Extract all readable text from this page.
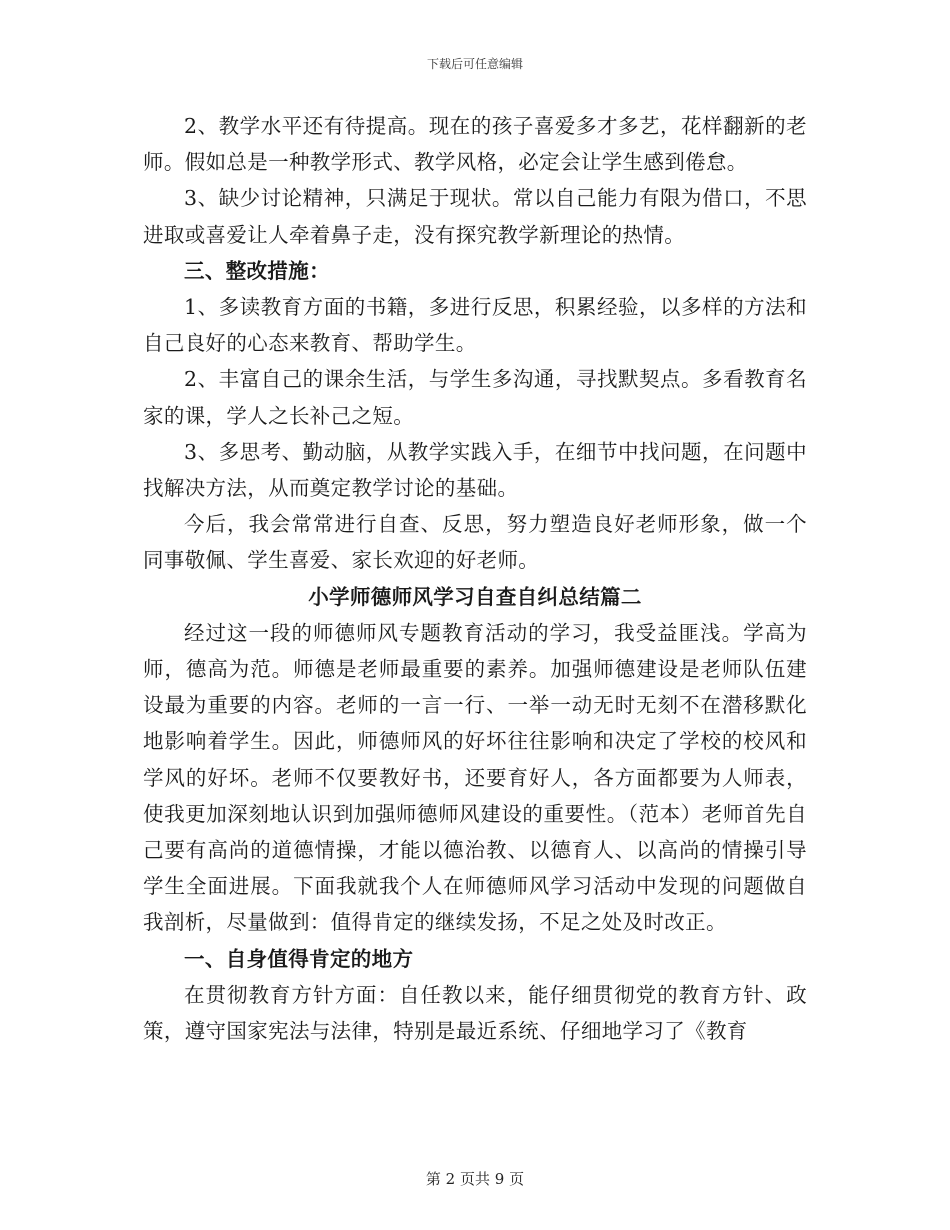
下载后可任意编辑

2、教学水平还有待提高。现在的孩子喜爱多才多艺，花样翻新的老师。假如总是一种教学形式、教学风格，必定会让学生感到倦怠。

3、缺少讨论精神，只满足于现状。常以自己能力有限为借口，不思进取或喜爱让人牵着鼻子走，没有探究教学新理论的热情。

三、整改措施：

1、多读教育方面的书籍，多进行反思，积累经验，以多样的方法和自己良好的心态来教育、帮助学生。

2、丰富自己的课余生活，与学生多沟通，寻找默契点。多看教育名家的课，学人之长补己之短。

3、多思考、勤动脑，从教学实践入手，在细节中找问题，在问题中找解决方法，从而奠定教学讨论的基础。

今后，我会常常进行自查、反思，努力塑造良好老师形象，做一个同事敬佩、学生喜爱、家长欢迎的好老师。

小学师德师风学习自查自纠总结篇二

经过这一段的师德师风专题教育活动的学习，我受益匪浅。学高为师，德高为范。师德是老师最重要的素养。加强师德建设是老师队伍建设最为重要的内容。老师的一言一行、一举一动无时无刻不在潜移默化地影响着学生。因此，师德师风的好坏往往影响和决定了学校的校风和学风的好坏。老师不仅要教好书，还要育好人，各方面都要为人师表，使我更加深刻地认识到加强师德师风建设的重要性。（范本）老师首先自己要有高尚的道德情操，才能以德治教、以德育人、以高尚的情操引导学生全面进展。下面我就我个人在师德师风学习活动中发现的问题做自我剖析，尽量做到：值得肯定的继续发扬，不足之处及时改正。

一、自身值得肯定的地方

在贯彻教育方针方面：自任教以来，能仔细贯彻党的教育方针、政策，遵守国家宪法与法律，特别是最近系统、仔细地学习了《教育

第 2 页共 9 页
